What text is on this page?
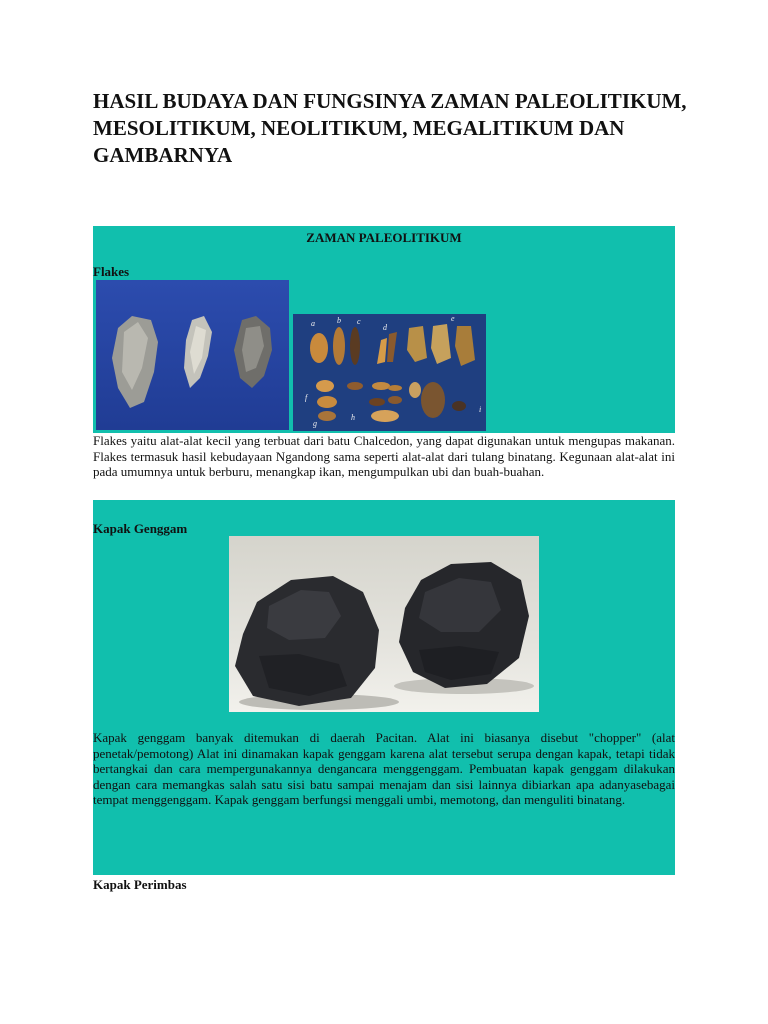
HASIL BUDAYA DAN FUNGSINYA ZAMAN PALEOLITIKUM, MESOLITIKUM, NEOLITIKUM, MEGALITIKUM DAN GAMBARNYA
ZAMAN PALEOLITIKUM
Flakes
a	b c
d
e
f
g
h
i

Flakes yaitu alat-alat kecil yang terbuat dari batu Chalcedon, yang dapat digunakan untuk mengupas makanan. Flakes termasuk hasil kebudayaan Ngandong sama seperti alat-alat dari tulang binatang. Kegunaan alat-alat ini pada umumnya untuk berburu, menangkap ikan, mengumpulkan ubi dan buah-buahan.

Kapak Genggam

Kapak genggam banyak ditemukan di daerah Pacitan. Alat ini biasanya disebut "chopper" (alat penetak/pemotong) Alat ini dinamakan kapak genggam karena alat tersebut serupa dengan kapak, tetapi tidak bertangkai dan cara mempergunakannya dengancara menggenggam. Pembuatan kapak genggam dilakukan dengan cara memangkas salah satu sisi batu sampai menajam dan sisi lainnya dibiarkan apa adanyasebagai tempat menggenggam. Kapak genggam berfungsi menggali umbi, memotong, dan menguliti binatang.

Kapak Perimbas
